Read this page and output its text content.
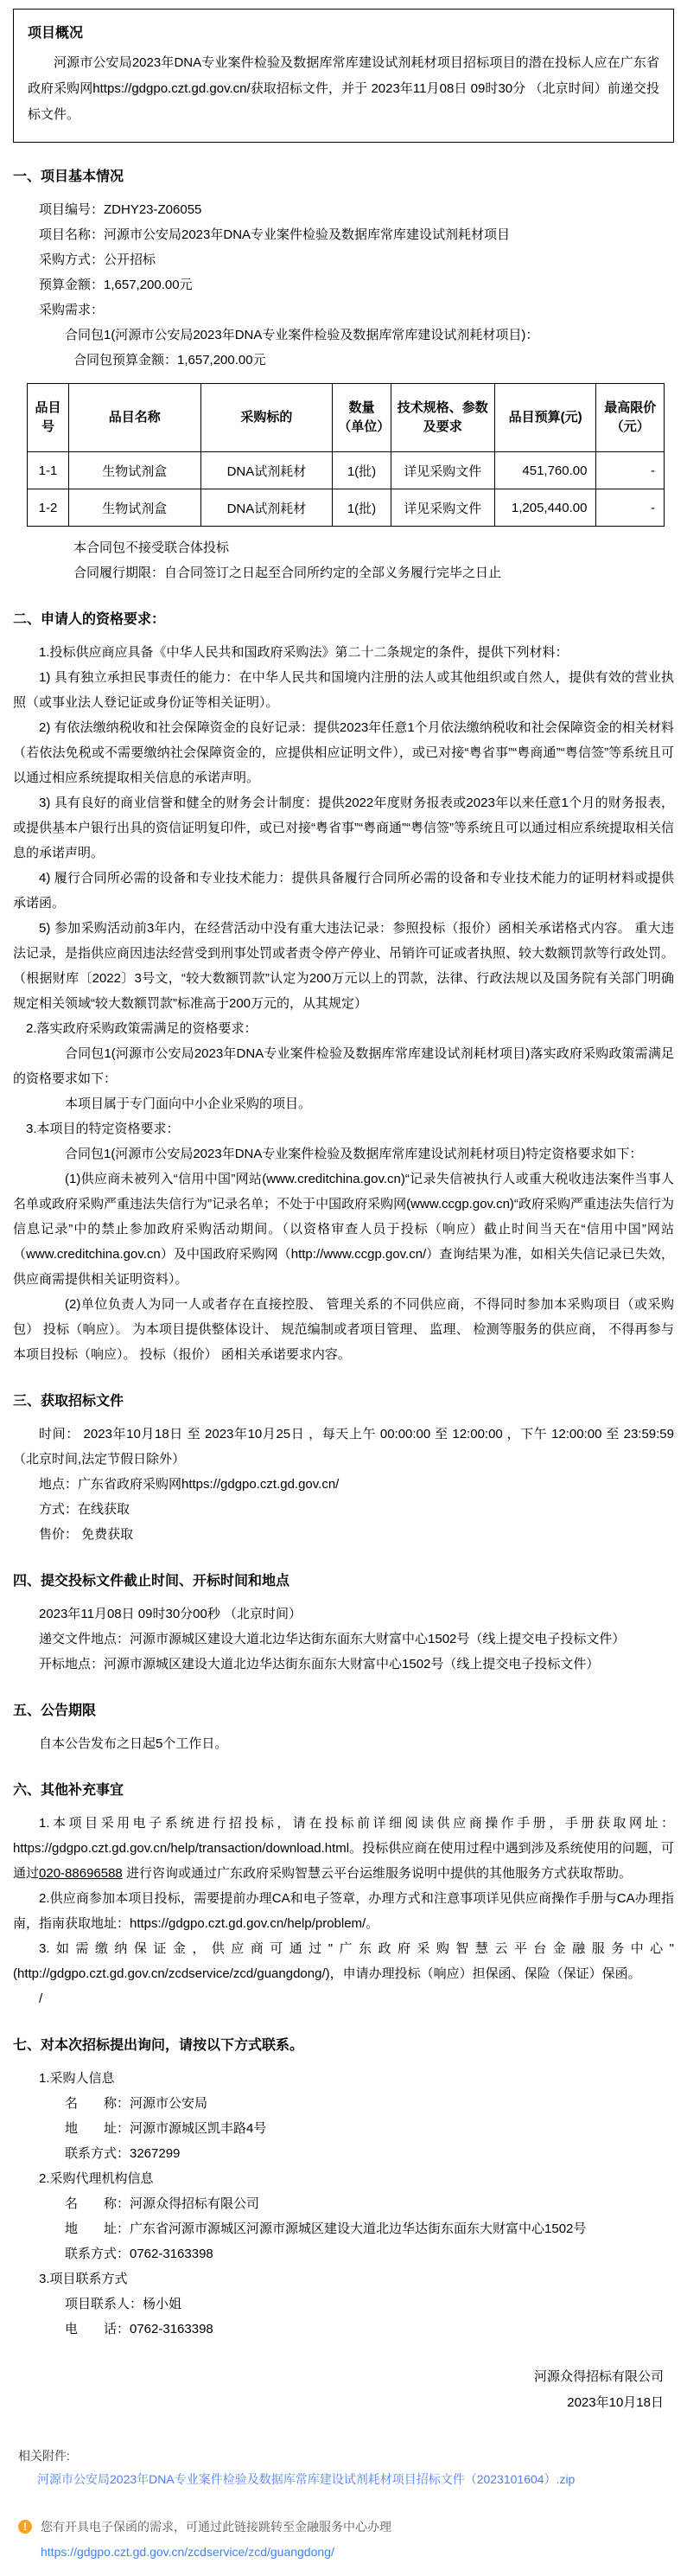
项目概况

河源市公安局2023年DNA专业案件检验及数据库常库建设试剂耗材项目招标项目的潜在投标人应在广东省政府采购网https://gdgpo.czt.gd.gov.cn/获取招标文件，并于 2023年11月08日 09时30分 （北京时间）前递交投标文件。

一、项目基本情况

项目编号：ZDHY23-Z06055

项目名称：河源市公安局2023年DNA专业案件检验及数据库常库建设试剂耗材项目

采购方式：公开招标

预算金额：1,657,200.00元

采购需求：

合同包1(河源市公安局2023年DNA专业案件检验及数据库常库建设试剂耗材项目)：

合同包预算金额：1,657,200.00元

品目号	品目名称	采购标的	数量（单位）	技术规格、参数及要求	品目预算(元)	最高限价（元）
1-1	生物试剂盒	DNA试剂耗材	1(批)	详见采购文件	451,760.00	-
1-2	生物试剂盒	DNA试剂耗材	1(批)	详见采购文件	1,205,440.00	-

本合同包不接受联合体投标

合同履行期限：自合同签订之日起至合同所约定的全部义务履行完毕之日止

二、申请人的资格要求：

1.投标供应商应具备《中华人民共和国政府采购法》第二十二条规定的条件，提供下列材料：

1) 具有独立承担民事责任的能力：在中华人民共和国境内注册的法人或其他组织或自然人，提供有效的营业执照（或事业法人登记证或身份证等相关证明）。

2) 有依法缴纳税收和社会保障资金的良好记录：提供2023年任意1个月依法缴纳税收和社会保障资金的相关材料（若依法免税或不需要缴纳社会保障资金的，应提供相应证明文件），或已对接“粤省事”“粤商通”“粤信签”等系统且可以通过相应系统提取相关信息的承诺声明。

3) 具有良好的商业信誉和健全的财务会计制度：提供2022年度财务报表或2023年以来任意1个月的财务报表，或提供基本户银行出具的资信证明复印件，或已对接“粤省事”“粤商通”“粤信签”等系统且可以通过相应系统提取相关信息的承诺声明。

4) 履行合同所必需的设备和专业技术能力：提供具备履行合同所必需的设备和专业技术能力的证明材料或提供承诺函。

5) 参加采购活动前3年内，在经营活动中没有重大违法记录：参照投标（报价）函相关承诺格式内容。 重大违法记录，是指供应商因违法经营受到刑事处罚或者责令停产停业、吊销许可证或者执照、较大数额罚款等行政处罚。（根据财库〔2022〕3号文，“较大数额罚款”认定为200万元以上的罚款，法律、行政法规以及国务院有关部门明确规定相关领域“较大数额罚款”标准高于200万元的，从其规定）

2.落实政府采购政策需满足的资格要求：

合同包1(河源市公安局2023年DNA专业案件检验及数据库常库建设试剂耗材项目)落实政府采购政策需满足的资格要求如下：

本项目属于专门面向中小企业采购的项目。

3.本项目的特定资格要求：

合同包1(河源市公安局2023年DNA专业案件检验及数据库常库建设试剂耗材项目)特定资格要求如下：

(1)供应商未被列入“信用中国”网站(www.creditchina.gov.cn)“记录失信被执行人或重大税收违法案件当事人名单或政府采购严重违法失信行为”记录名单；不处于中国政府采购网(www.ccgp.gov.cn)“政府采购严重违法失信行为信息记录”中的禁止参加政府采购活动期间。（以资格审查人员于投标（响应）截止时间当天在“信用中国”网站（www.creditchina.gov.cn）及中国政府采购网（http://www.ccgp.gov.cn/）查询结果为准，如相关失信记录已失效，供应商需提供相关证明资料）。

(2)单位负责人为同一人或者存在直接控股、 管理关系的不同供应商，不得同时参加本采购项目（或采购包） 投标（响应）。 为本项目提供整体设计、 规范编制或者项目管理、 监理、 检测等服务的供应商， 不得再参与本项目投标（响应）。 投标（报价） 函相关承诺要求内容。

三、获取招标文件

时间： 2023年10月18日 至 2023年10月25日 ，每天上午 00:00:00 至 12:00:00 ，下午 12:00:00 至 23:59:59（北京时间,法定节假日除外）

地点：广东省政府采购网https://gdgpo.czt.gd.gov.cn/

方式：在线获取

售价： 免费获取

四、提交投标文件截止时间、开标时间和地点

2023年11月08日 09时30分00秒 （北京时间）

递交文件地点：河源市源城区建设大道北边华达街东面东大财富中心1502号（线上提交电子投标文件）

开标地点：河源市源城区建设大道北边华达街东面东大财富中心1502号（线上提交电子投标文件）

五、公告期限

自本公告发布之日起5个工作日。

六、其他补充事宜

1.本项目采用电子系统进行招投标，请在投标前详细阅读供应商操作手册，手册获取网址：https://gdgpo.czt.gd.gov.cn/help/transaction/download.html。投标供应商在使用过程中遇到涉及系统使用的问题，可通过020-88696588 进行咨询或通过广东政府采购智慧云平台运维服务说明中提供的其他服务方式获取帮助。

2.供应商参加本项目投标，需要提前办理CA和电子签章，办理方式和注意事项详见供应商操作手册与CA办理指南，指南获取地址：https://gdgpo.czt.gd.gov.cn/help/problem/。

3.如需缴纳保证金，供应商可通过"广东政府采购智慧云平台金融服务中心"(http://gdgpo.czt.gd.gov.cn/zcdservice/zcd/guangdong/)，申请办理投标（响应）担保函、保险（保证）保函。

/

七、对本次招标提出询问，请按以下方式联系。

1.采购人信息

名　　称：河源市公安局

地　　址：河源市源城区凯丰路4号

联系方式：3267299

2.采购代理机构信息

名　　称：河源众得招标有限公司

地　　址：广东省河源市源城区河源市源城区建设大道北边华达街东面东大财富中心1502号

联系方式：0762-3163398

3.项目联系方式

项目联系人：杨小姐

电　　话：0762-3163398

河源众得招标有限公司
2023年10月18日
相关附件:
河源市公安局2023年DNA专业案件检验及数据库常库建设试剂耗材项目招标文件（2023101604）.zip
!	您有开具电子保函的需求，可通过此链接跳转至金融服务中心办理
https://gdgpo.czt.gd.gov.cn/zcdservice/zcd/guangdong/
